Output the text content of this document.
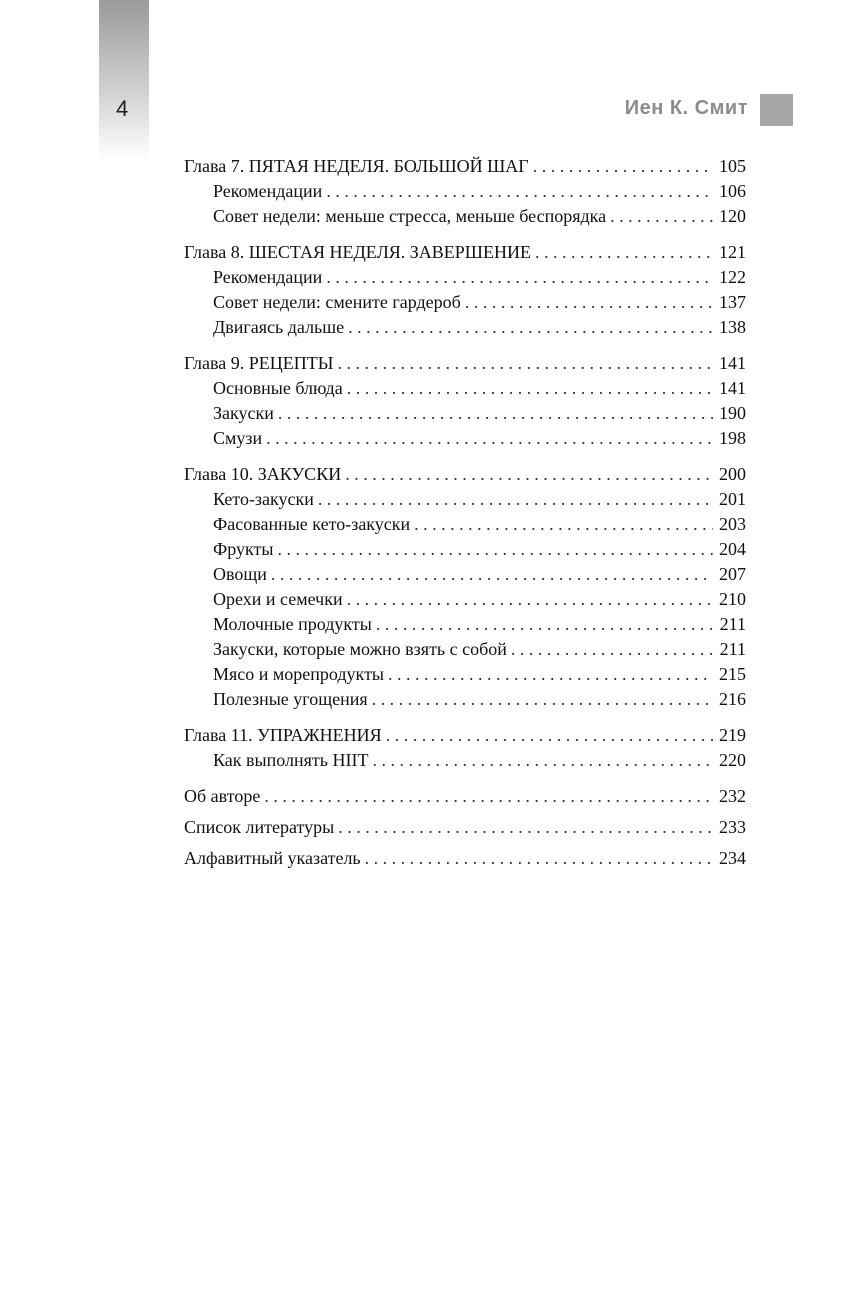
4	Иен К. Смит
Глава 7. ПЯТАЯ НЕДЕЛЯ. БОЛЬШОЙ ШАГ . . .	105
Рекомендации . . .	106
Совет недели: меньше стресса, меньше беспорядка . . .	120
Глава 8. ШЕСТАЯ НЕДЕЛЯ. ЗАВЕРШЕНИЕ . . .	121
Рекомендации . . .	122
Совет недели: смените гардероб . . .	137
Двигаясь дальше . . .	138
Глава 9. РЕЦЕПТЫ . . .	141
Основные блюда . . .	141
Закуски . . .	190
Смузи . . .	198
Глава 10. ЗАКУСКИ . . .	200
Кето-закуски . . .	201
Фасованные кето-закуски . . .	203
Фрукты . . .	204
Овощи . . .	207
Орехи и семечки . . .	210
Молочные продукты . . .	211
Закуски, которые можно взять с собой . . .	211
Мясо и морепродукты . . .	215
Полезные угощения . . .	216
Глава 11. УПРАЖНЕНИЯ . . .	219
Как выполнять HIIT . . .	220
Об авторе . . .	232
Список литературы . . .	233
Алфавитный указатель . . .	234
